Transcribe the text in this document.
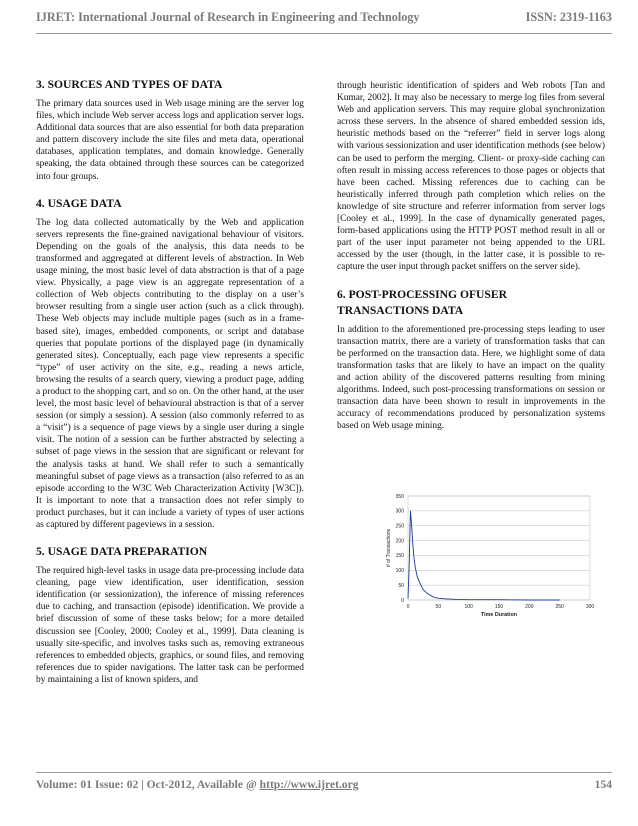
IJRET: International Journal of Research in Engineering and Technology	ISSN: 2319-1163
3. SOURCES AND TYPES OF DATA

The primary data sources used in Web usage mining are the server log files, which include Web server access logs and application server logs. Additional data sources that are also essential for both data preparation and pattern discovery include the site files and meta data, operational databases, application templates, and domain knowledge. Generally speaking, the data obtained through these sources can be categorized into four groups.

4. USAGE DATA

The log data collected automatically by the Web and application servers represents the fine-grained navigational behaviour of visitors. Depending on the goals of the analysis, this data needs to be transformed and aggregated at different levels of abstraction. In Web usage mining, the most basic level of data abstraction is that of a page view. Physically, a page view is an aggregate representation of a collection of Web objects contributing to the display on a user’s browser resulting from a single user action (such as a click through). These Web objects may include multiple pages (such as in a frame-based site), images, embedded components, or script and database queries that populate portions of the displayed page (in dynamically generated sites). Conceptually, each page view represents a specific “type” of user activity on the site, e.g., reading a news article, browsing the results of a search query, viewing a product page, adding a product to the shopping cart, and so on. On the other hand, at the user level, the most basic level of behavioural abstraction is that of a server session (or simply a session). A session (also commonly referred to as a “visit”) is a sequence of page views by a single user during a single visit. The notion of a session can be further abstracted by selecting a subset of page views in the session that are significant or relevant for the analysis tasks at hand. We shall refer to such a semantically meaningful subset of page views as a transaction (also referred to as an episode according to the W3C Web Characterization Activity [W3C]). It is important to note that a transaction does not refer simply to product purchases, but it can include a variety of types of user actions as captured by different pageviews in a session.

5. USAGE DATA PREPARATION

The required high-level tasks in usage data pre-processing include data cleaning, page view identification, user identification, session identification (or sessionization), the inference of missing references due to caching, and transaction (episode) identification. We provide a brief discussion of some of these tasks below; for a more detailed discussion see [Cooley, 2000; Cooley et al., 1999]. Data cleaning is usually site-specific, and involves tasks such as, removing extraneous references to embedded objects, graphics, or sound files, and removing references due to spider navigations. The latter task can be performed by maintaining a list of known spiders, and

through heuristic identification of spiders and Web robots [Tan and Kumar, 2002]. It may also be necessary to merge log files from several Web and application servers. This may require global synchronization across these servers. In the absence of shared embedded session ids, heuristic methods based on the “referrer” field in server logs along with various sessionization and user identification methods (see below) can be used to perform the merging. Client- or proxy-side caching can often result in missing access references to those pages or objects that have been cached. Missing references due to caching can be heuristically inferred through path completion which relies on the knowledge of site structure and referrer information from server logs [Cooley et al., 1999]. In the case of dynamically generated pages, form-based applications using the HTTP POST method result in all or part of the user input parameter not being appended to the URL accessed by the user (though, in the latter case, it is possible to re-capture the user input through packet sniffers on the server side).

6. POST-PROCESSING OFUSER
TRANSACTIONS DATA

In addition to the aforementioned pre-processing steps leading to user transaction matrix, there are a variety of transformation tasks that can be performed on the transaction data. Here, we highlight some of data transformation tasks that are likely to have an impact on the quality and action ability of the discovered patterns resulting from mining algorithms. Indeed, such post-processing transformations on session or transaction data have been shown to result in improvements in the accuracy of recommendations produced by personalization systems based on Web usage mining.

0
50
100
150
200
250
300
350
0	50	100	150	200	250	300
# of Transactions
Time Duration
Volume: 01 Issue: 02 | Oct-2012, Available @ http://www.ijret.org	154
